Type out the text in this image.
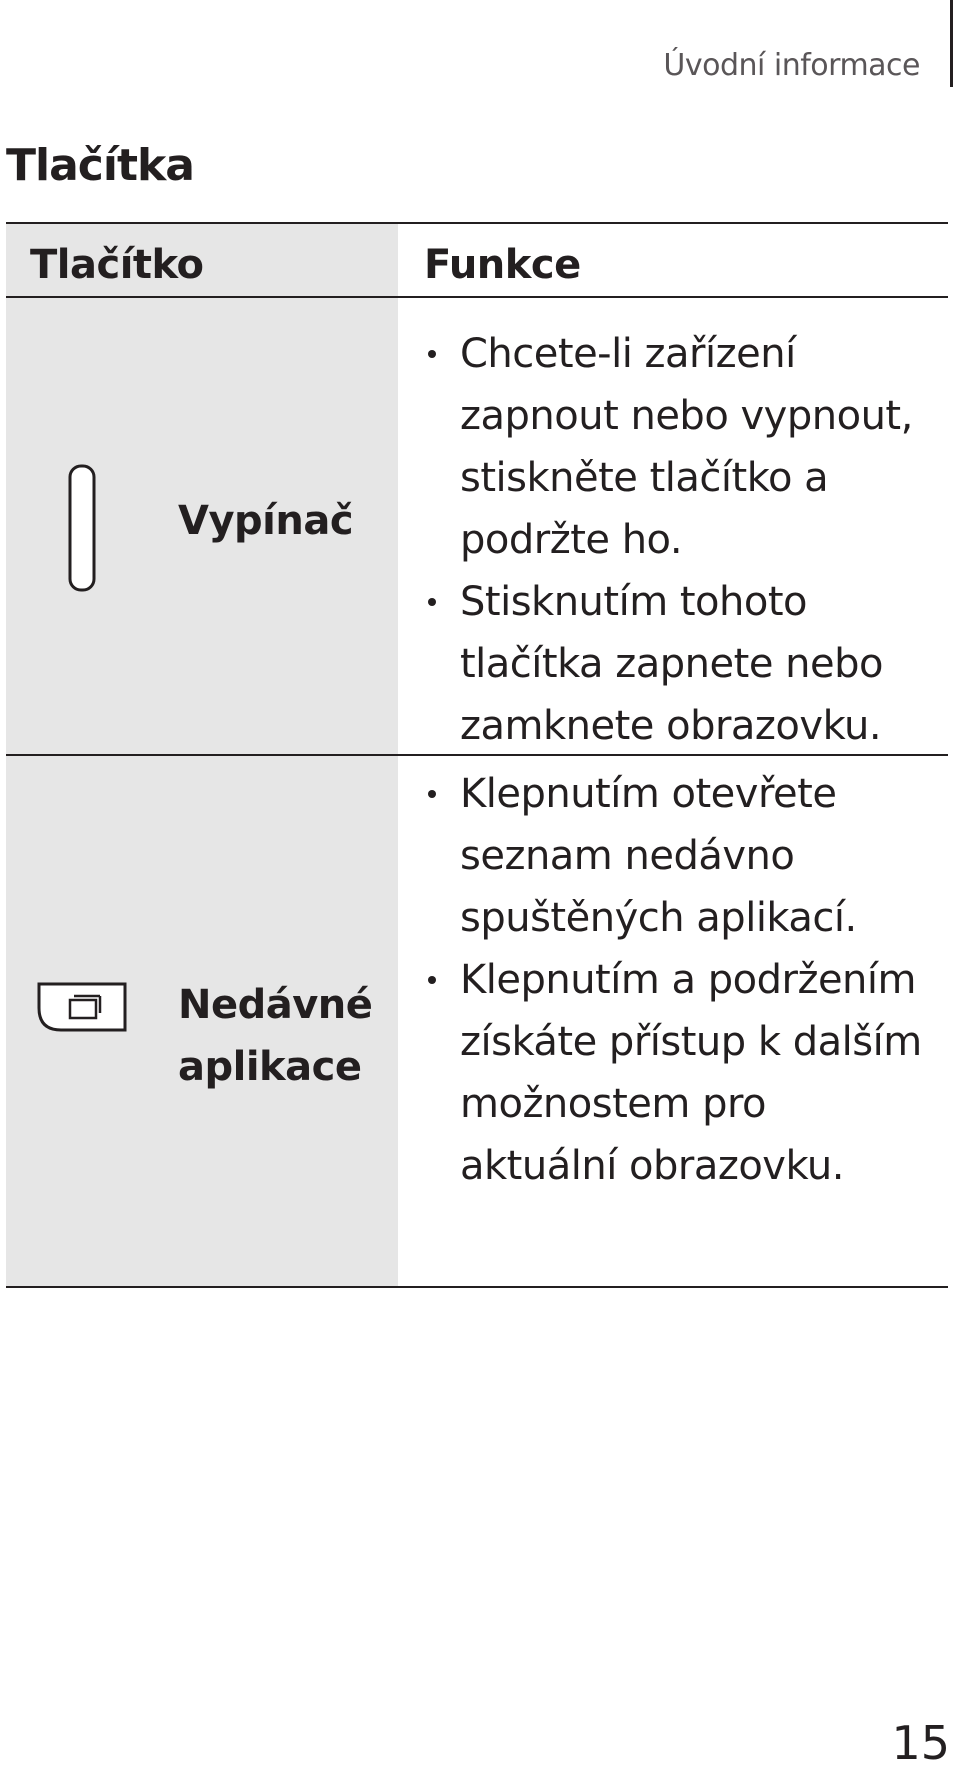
Úvodní informace
Tlačítka
Tlačítko	Funkce
Vypínač
Chcete-li zařízení zapnout nebo vypnout, stiskněte tlačítko a podržte ho.
Stisknutím tohoto tlačítka zapnete nebo zamknete obrazovku.
Nedávné
aplikace
Klepnutím otevřete seznam nedávno spuštěných aplikací.
Klepnutím a podržením získáte přístup k dalším možnostem pro aktuální obrazovku.
15
